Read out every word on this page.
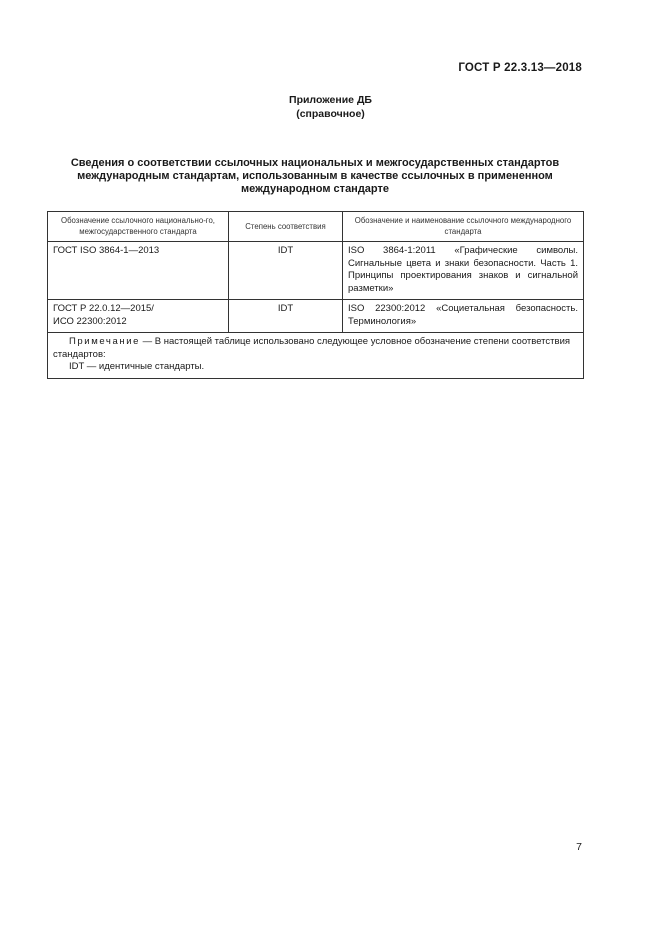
ГОСТ Р 22.3.13—2018
Приложение ДБ
(справочное)
Сведения о соответствии ссылочных национальных и межгосударственных стандартов
международным стандартам, использованным в качестве ссылочных в примененном
международном стандарте
Обозначение ссылочного национально-го, межгосударственного стандарта	Степень соответствия	Обозначение и наименование ссылочного международного стандарта
ГОСТ ISO 3864-1—2013	IDT	ISO 3864-1:2011 «Графические символы. Сигнальные цвета и знаки безопасности. Часть 1. Принципы проектирования знаков и сигнальной разметки»

ГОСТ Р 22.0.12—2015/
ИСО 22300:2012	IDT	ISO 22300:2012 «Социетальная безопасность. Терминология»

Примечание — В настоящей таблице использовано следующее условное обозначение степени соответствия стандартов:
IDT — идентичные стандарты.		
7
